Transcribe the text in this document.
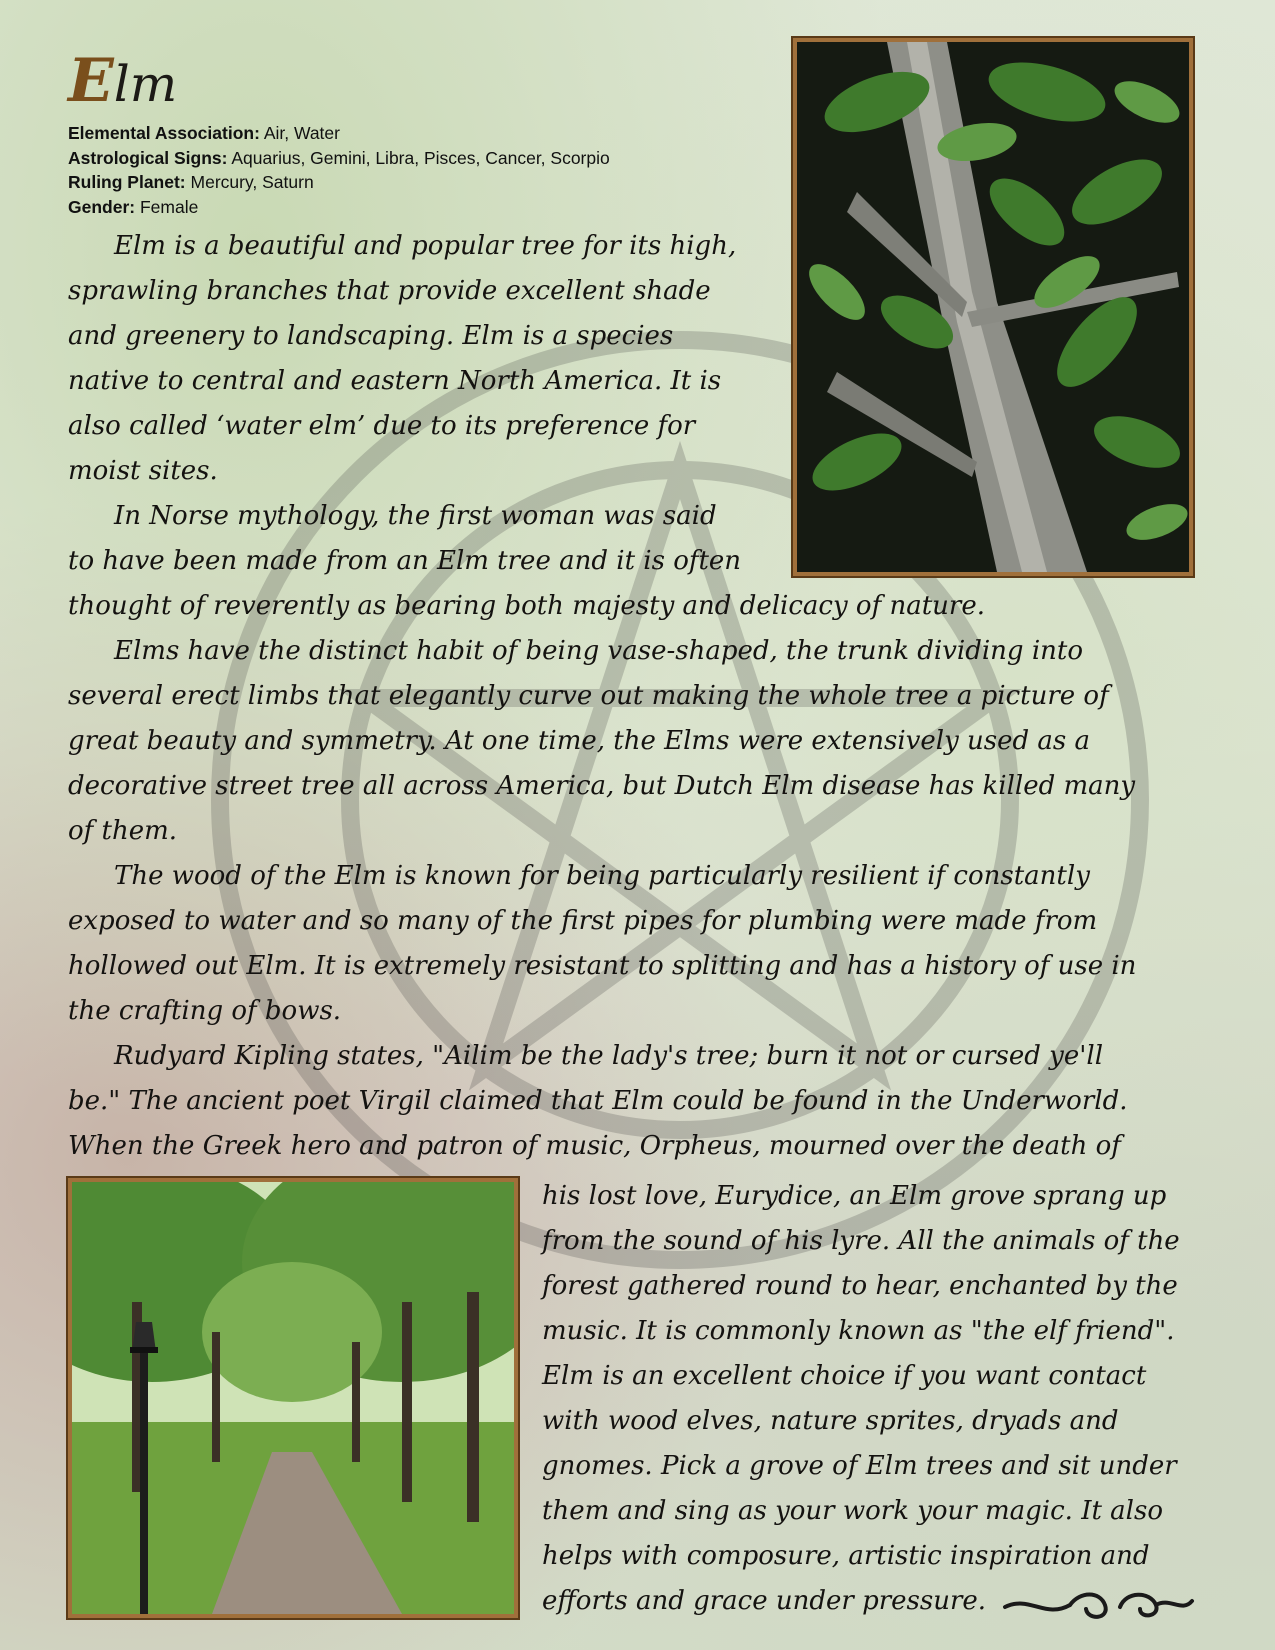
Elm
Elemental Association: Air, Water
Astrological Signs: Aquarius, Gemini, Libra, Pisces, Cancer, Scorpio
Ruling Planet: Mercury, Saturn
Gender: Female
Elm is a beautiful and popular tree for its high,
sprawling branches that provide excellent shade
and greenery to landscaping. Elm is a species
native to central and eastern North America. It is
also called ‘water elm’ due to its preference for
moist sites.
In Norse mythology, the first woman was said
to have been made from an Elm tree and it is often
thought of reverently as bearing both majesty and delicacy of nature.
Elms have the distinct habit of being vase-shaped, the trunk dividing into
several erect limbs that elegantly curve out making the whole tree a picture of
great beauty and symmetry. At one time, the Elms were extensively used as a
decorative street tree all across America, but Dutch Elm disease has killed many
of them.
The wood of the Elm is known for being particularly resilient if constantly
exposed to water and so many of the first pipes for plumbing were made from
hollowed out Elm. It is extremely resistant to splitting and has a history of use in
the crafting of bows.
Rudyard Kipling states, "Ailim be the lady's tree; burn it not or cursed ye'll
be." The ancient poet Virgil claimed that Elm could be found in the Underworld.
When the Greek hero and patron of music, Orpheus, mourned over the death of
his lost love, Eurydice, an Elm grove sprang up
from the sound of his lyre. All the animals of the
forest gathered round to hear, enchanted by the
music. It is commonly known as "the elf friend".
Elm is an excellent choice if you want contact
with wood elves, nature sprites, dryads and
gnomes. Pick a grove of Elm trees and sit under
them and sing as your work your magic. It also
helps with composure, artistic inspiration and
efforts and grace under pressure.
